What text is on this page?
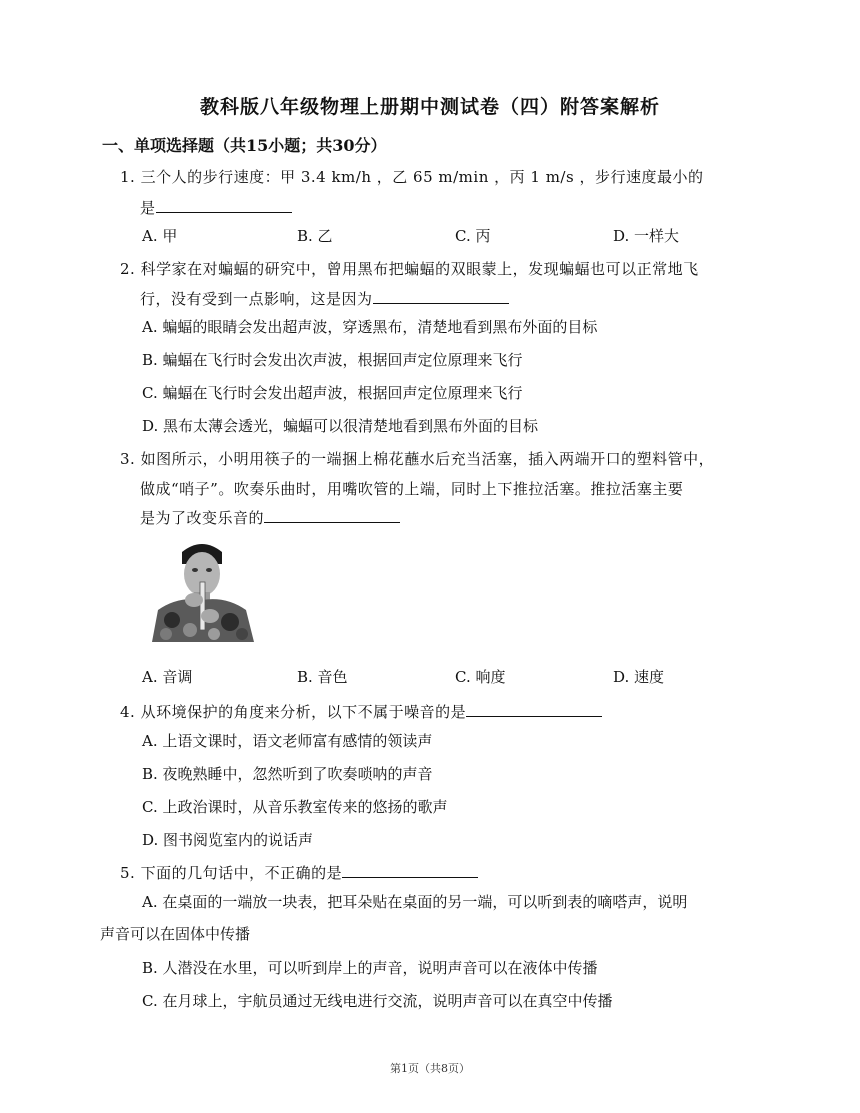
教科版八年级物理上册期中测试卷（四）附答案解析
一、单项选择题（共15小题；共30分）
1. 三个人的步行速度：甲 3.4 km/h ，乙 65 m/min ，丙 1 m/s ，步行速度最小的
是
A. 甲	B. 乙	C. 丙	D. 一样大
2. 科学家在对蝙蝠的研究中，曾用黑布把蝙蝠的双眼蒙上，发现蝙蝠也可以正常地飞
行，没有受到一点影响，这是因为
A. 蝙蝠的眼睛会发出超声波，穿透黑布，清楚地看到黑布外面的目标
B. 蝙蝠在飞行时会发出次声波，根据回声定位原理来飞行
C. 蝙蝠在飞行时会发出超声波，根据回声定位原理来飞行
D. 黑布太薄会透光，蝙蝠可以很清楚地看到黑布外面的目标
3. 如图所示，小明用筷子的一端捆上棉花蘸水后充当活塞，插入两端开口的塑料管中，
做成“哨子”。吹奏乐曲时，用嘴吹管的上端，同时上下推拉活塞。推拉活塞主要
是为了改变乐音的
A. 音调	B. 音色	C. 响度	D. 速度
4. 从环境保护的角度来分析，以下不属于噪音的是
A. 上语文课时，语文老师富有感情的领读声
B. 夜晚熟睡中，忽然听到了吹奏唢呐的声音
C. 上政治课时，从音乐教室传来的悠扬的歌声
D. 图书阅览室内的说话声
5. 下面的几句话中，不正确的是
A. 在桌面的一端放一块表，把耳朵贴在桌面的另一端，可以听到表的嘀嗒声，说明
声音可以在固体中传播
B. 人潜没在水里，可以听到岸上的声音，说明声音可以在液体中传播
C. 在月球上，宇航员通过无线电进行交流，说明声音可以在真空中传播
第1页（共8页）
